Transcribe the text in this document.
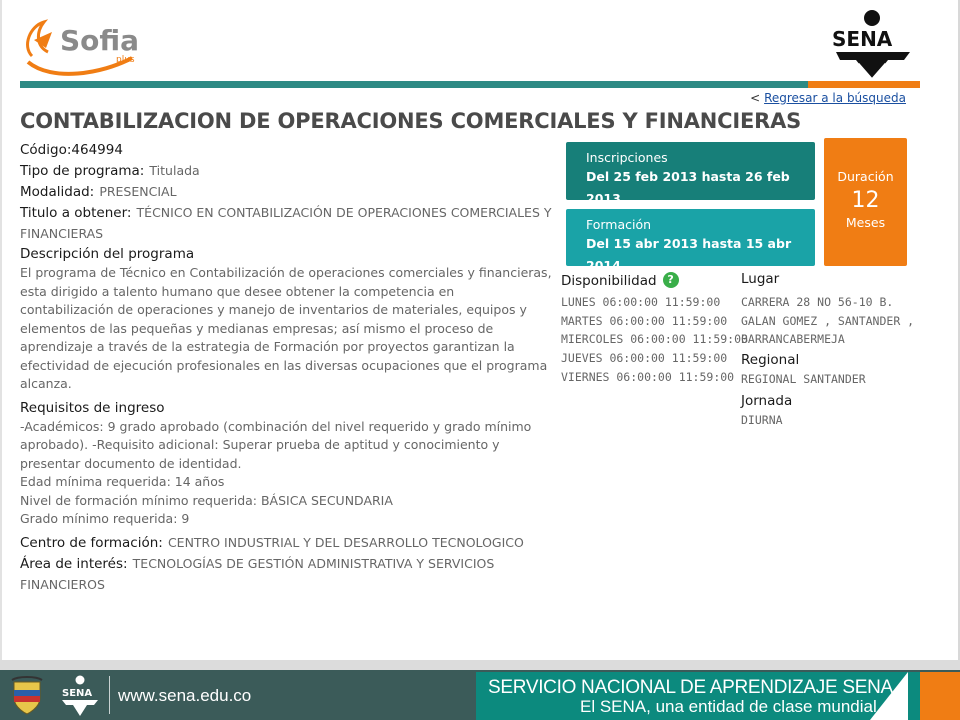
Sofia
plus
SENA
< Regresar a la búsqueda
CONTABILIZACION DE OPERACIONES COMERCIALES Y FINANCIERAS

Código:464994

Tipo de programa: Titulada

Modalidad: PRESENCIAL

Titulo a obtener: TÉCNICO EN CONTABILIZACIÓN DE OPERACIONES COMERCIALES Y

FINANCIERAS

Descripción del programa

El programa de Técnico en Contabilización de operaciones comerciales y financieras,
esta dirigido a talento humano que desee obtener la competencia en
contabilización de operaciones y manejo de inventarios de materiales, equipos y
elementos de las pequeñas y medianas empresas; así mismo el proceso de
aprendizaje a través de la estrategia de Formación por proyectos garantizan la
efectividad de ejecución profesionales en las diversas ocupaciones que el programa
alcanza.

Requisitos de ingreso

-Académicos: 9 grado aprobado (combinación del nivel requerido y grado mínimo
aprobado). -Requisito adicional: Superar prueba de aptitud y conocimiento y
presentar documento de identidad.
Edad mínima requerida: 14 años
Nivel de formación mínimo requerida: BÁSICA SECUNDARIA
Grado mínimo requerida: 9

Centro de formación: CENTRO INDUSTRIAL Y DEL DESARROLLO TECNOLOGICO

Área de interés: TECNOLOGÍAS DE GESTIÓN ADMINISTRATIVA Y SERVICIOS

FINANCIEROS

Inscripciones
Del 25 feb 2013 hasta 26 feb 2013
Formación
Del 15 abr 2013 hasta 15 abr 2014
Duración
12
Meses
Disponibilidad ?
LUNES 06:00:00 11:59:00
MARTES 06:00:00 11:59:00
MIERCOLES 06:00:00 11:59:00
JUEVES 06:00:00 11:59:00
VIERNES 06:00:00 11:59:00
Lugar
CARRERA 28 NO 56-10 B.
GALAN GOMEZ , SANTANDER ,
BARRANCABERMEJA
Regional
REGIONAL SANTANDER
Jornada
DIURNA
SENA www.sena.edu.co	SERVICIO NACIONAL DE APRENDIZAJE SENA
El SENA, una entidad de clase mundial
